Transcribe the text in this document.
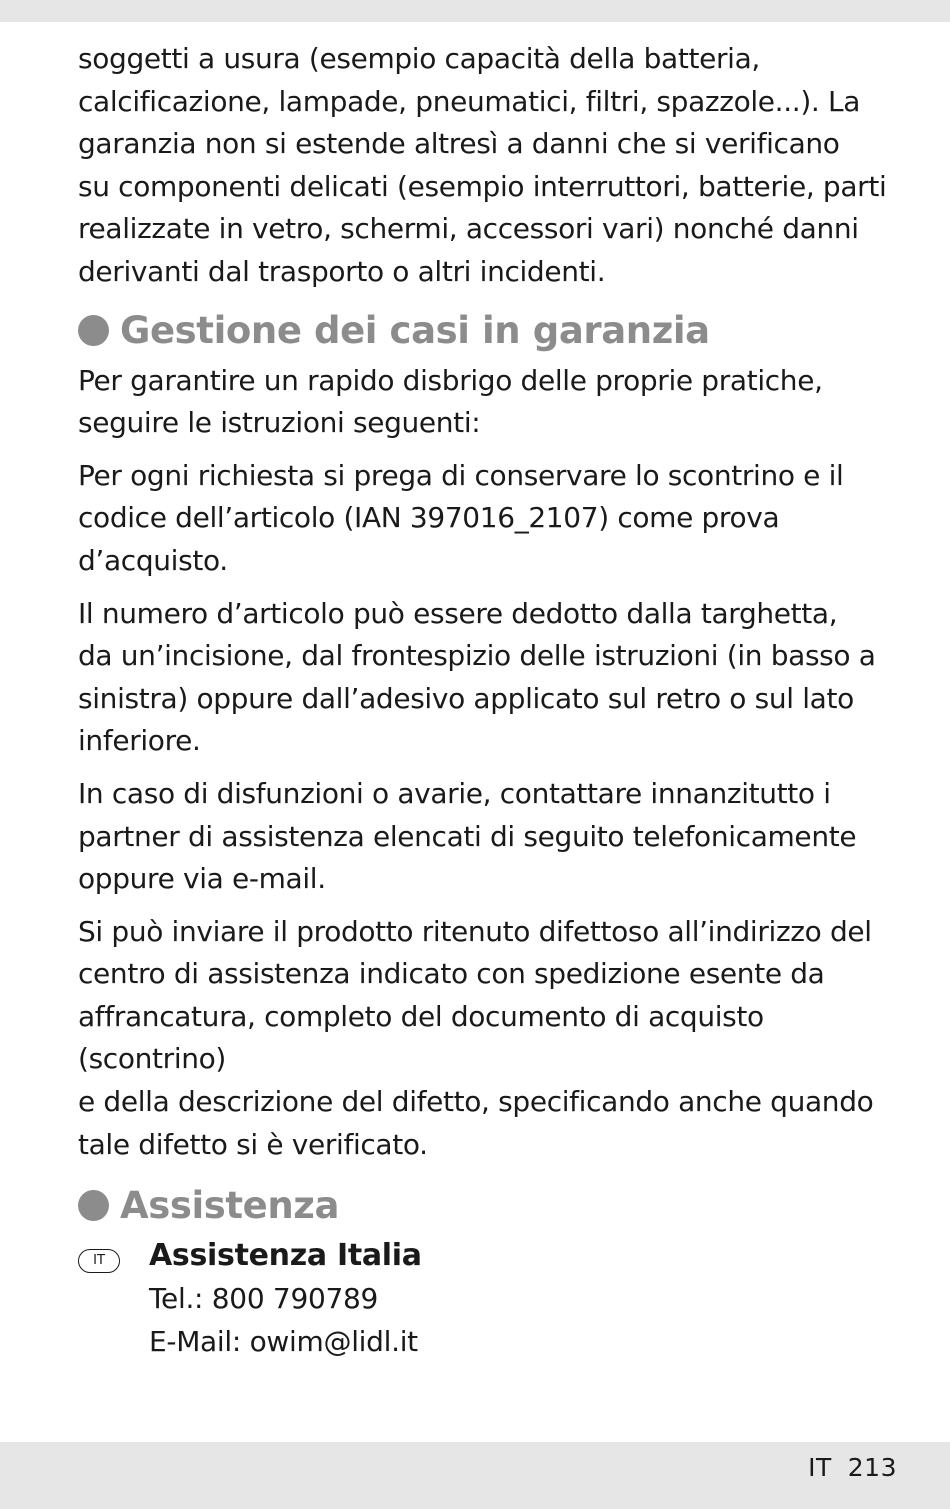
soggetti a usura (esempio capacità della batteria,
calcificazione, lampade, pneumatici, filtri, spazzole...). La
garanzia non si estende altresì a danni che si verificano
su componenti delicati (esempio interruttori, batterie, parti
realizzate in vetro, schermi, accessori vari) nonché danni
derivanti dal trasporto o altri incidenti.

Gestione dei casi in garanzia

Per garantire un rapido disbrigo delle proprie pratiche,
seguire le istruzioni seguenti:

Per ogni richiesta si prega di conservare lo scontrino e il
codice dell’articolo (IAN 397016_2107) come prova
d’acquisto.

Il numero d’articolo può essere dedotto dalla targhetta,
da un’incisione, dal frontespizio delle istruzioni (in basso a
sinistra) oppure dall’adesivo applicato sul retro o sul lato
inferiore.

In caso di disfunzioni o avarie, contattare innanzitutto i
partner di assistenza elencati di seguito telefonicamente
oppure via e-mail.

Si può inviare il prodotto ritenuto difettoso all’indirizzo del
centro di assistenza indicato con spedizione esente da
affrancatura, completo del documento di acquisto (scontrino)
e della descrizione del difetto, specificando anche quando
tale difetto si è verificato.

Assistenza
IT	Assistenza Italia
Tel.: 800 790789
E-Mail: owim@lidl.it
IT 213
